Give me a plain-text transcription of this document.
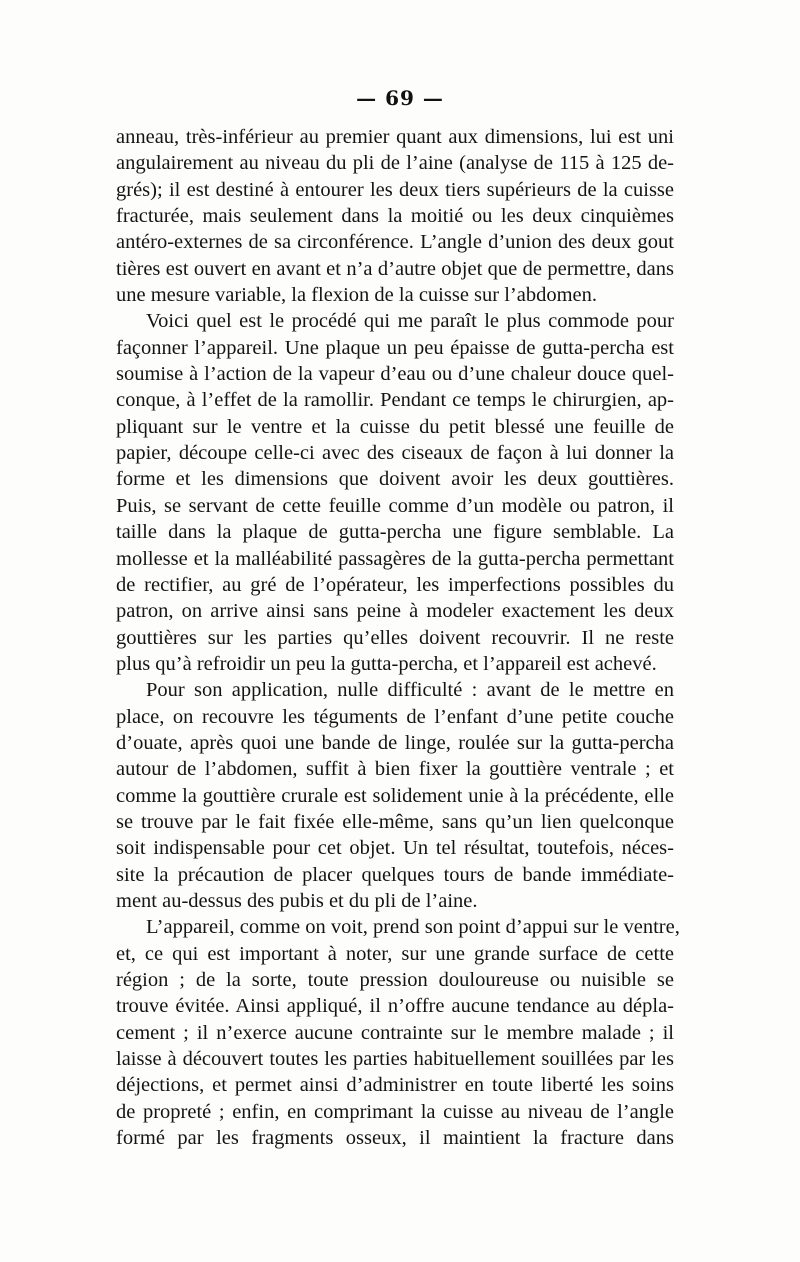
— 69 —
anneau, très-inférieur au premier quant aux dimensions, lui est uni
angulairement au niveau du pli de l’aine (analyse de 115 à 125 de-
grés); il est destiné à entourer les deux tiers supérieurs de la cuisse
fracturée, mais seulement dans la moitié ou les deux cinquièmes
antéro-externes de sa circonférence. L’angle d’union des deux gout
tières est ouvert en avant et n’a d’autre objet que de permettre, dans
une mesure variable, la flexion de la cuisse sur l’abdomen.
Voici quel est le procédé qui me paraît le plus commode pour
façonner l’appareil. Une plaque un peu épaisse de gutta-percha est
soumise à l’action de la vapeur d’eau ou d’une chaleur douce quel-
conque, à l’effet de la ramollir. Pendant ce temps le chirurgien, ap-
pliquant sur le ventre et la cuisse du petit blessé une feuille de
papier, découpe celle-ci avec des ciseaux de façon à lui donner la
forme et les dimensions que doivent avoir les deux gouttières.
Puis, se servant de cette feuille comme d’un modèle ou patron, il
taille dans la plaque de gutta-percha une figure semblable. La
mollesse et la malléabilité passagères de la gutta-percha permettant
de rectifier, au gré de l’opérateur, les imperfections possibles du
patron, on arrive ainsi sans peine à modeler exactement les deux
gouttières sur les parties qu’elles doivent recouvrir. Il ne reste
plus qu’à refroidir un peu la gutta-percha, et l’appareil est achevé.
Pour son application, nulle difficulté : avant de le mettre en
place, on recouvre les téguments de l’enfant d’une petite couche
d’ouate, après quoi une bande de linge, roulée sur la gutta-percha
autour de l’abdomen, suffit à bien fixer la gouttière ventrale ; et
comme la gouttière crurale est solidement unie à la précédente, elle
se trouve par le fait fixée elle-même, sans qu’un lien quelconque
soit indispensable pour cet objet. Un tel résultat, toutefois, néces-
site la précaution de placer quelques tours de bande immédiate-
ment au-dessus des pubis et du pli de l’aine.
L’appareil, comme on voit, prend son point d’appui sur le ventre,
et, ce qui est important à noter, sur une grande surface de cette
région ; de la sorte, toute pression douloureuse ou nuisible se
trouve évitée. Ainsi appliqué, il n’offre aucune tendance au dépla-
cement ; il n’exerce aucune contrainte sur le membre malade ; il
laisse à découvert toutes les parties habituellement souillées par les
déjections, et permet ainsi d’administrer en toute liberté les soins
de propreté ; enfin, en comprimant la cuisse au niveau de l’angle
formé par les fragments osseux, il maintient la fracture dans
